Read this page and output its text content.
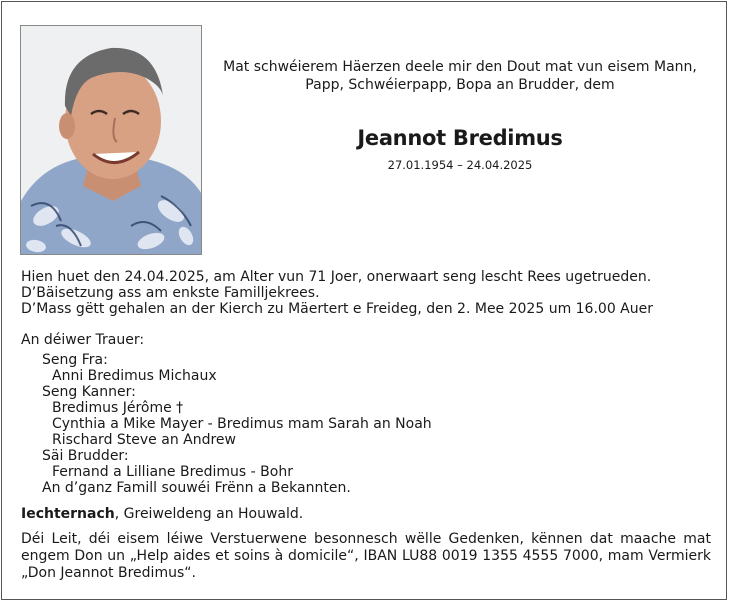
Mat schwéierem Häerzen deele mir den Dout mat vun eisem Mann,
Papp, Schwéierpapp, Bopa an Brudder, dem
Jeannot Bredimus
27.01.1954 – 24.04.2025
Hien huet den 24.04.2025, am Alter vun 71 Joer, onerwaart seng lescht Rees ugetrueden.
D’Bäisetzung ass am enkste Familljekrees.
D’Mass gëtt gehalen an der Kierch zu Mäertert e Freideg, den 2. Mee 2025 um 16.00 Auer
An déiwer Trauer:
Seng Fra:
Anni Bredimus Michaux
Seng Kanner:
Bredimus Jérôme †
Cynthia a Mike Mayer - Bredimus mam Sarah an Noah
Rischard Steve an Andrew
Säi Brudder:
Fernand a Lilliane Bredimus - Bohr
An d’ganz Famill souwéi Frënn a Bekannten.
Iechternach, Greiweldeng an Houwald.
Déi Leit, déi eisem léiwe Verstuerwene besonnesch wëlle Gedenken, kënnen dat maache mat engem Don un „Help aides et soins à domicile“, IBAN LU88 0019 1355 4555 7000, mam Vermierk „Don Jeannot Bredimus“.
